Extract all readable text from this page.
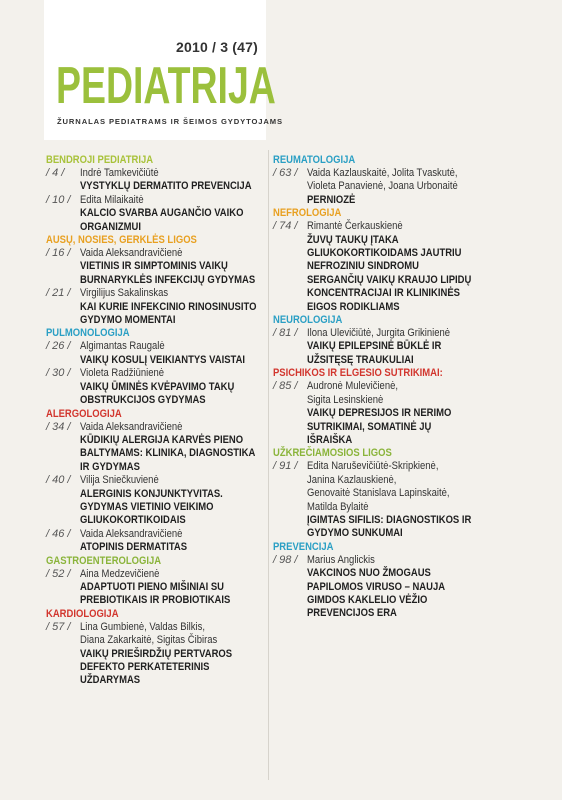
2010 / 3 (47)
PEDIATRIJA
ŽURNALAS PEDIATRAMS IR ŠEIMOS GYDYTOJAMS
BENDROJI PEDIATRIJA
/ 4 /	Indrė Tamkevičiūtė
VYSTYKLŲ DERMATITO PREVENCIJA
/ 10 / Edita Milaikaitė
KALCIO SVARBA AUGANČIO VAIKO
ORGANIZMUI
AUSŲ, NOSIES, GERKLĖS LIGOS
/ 16 / Vaida Aleksandravičienė
VIETINIS IR SIMPTOMINIS VAIKŲ
BURNARYKLĖS INFEKCIJŲ GYDYMAS
/ 21 / Virgilijus Sakalinskas
KAI KURIE INFEKCINIO RINOSINUSITO
GYDYMO MOMENTAI
PULMONOLOGIJA
/ 26 / Algimantas Raugalė
VAIKŲ KOSULĮ VEIKIANTYS VAISTAI
/ 30 / Violeta Radžiūnienė
VAIKŲ ŪMINĖS KVĖPAVIMO TAKŲ
OBSTRUKCIJOS GYDYMAS
ALERGOLOGIJA
/ 34 / Vaida Aleksandravičienė
KŪDIKIŲ ALERGIJA KARVĖS PIENO
BALTYMAMS: KLINIKA, DIAGNOSTIKA
IR GYDYMAS
/ 40 / Vilija Sniečkuvienė
ALERGINIS KONJUNKTYVITAS.
GYDYMAS VIETINIO VEIKIMO
GLIUKOKORTIKOIDAIS
/ 46 / Vaida Aleksandravičienė
ATOPINIS DERMATITAS
GASTROENTEROLOGIJA
/ 52 / Aina Medzevičienė
ADAPTUOTI PIENO MIŠINIAI SU
PREBIOTIKAIS IR PROBIOTIKAIS
KARDIOLOGIJA
/ 57 / Lina Gumbienė, Valdas Bilkis,
Diana Zakarkaitė, Sigitas Čibiras
VAIKŲ PRIEŠIRDŽIŲ PERTVAROS
DEFEKTO PERKATETERINIS
UŽDARYMAS
REUMATOLOGIJA
/ 63 / Vaida Kazlauskaitė, Jolita Tvaskutė,
Violeta Panavienė, Joana Urbonaitė
PERNIOZĖ
NEFROLOGIJA
/ 74 / Rimantė Čerkauskienė
ŽUVŲ TAUKŲ ĮTAKA
GLIUKOKORTIKOIDAMS JAUTRIU
NEFROZINIU SINDROMU
SERGANČIŲ VAIKŲ KRAUJO LIPIDŲ
KONCENTRACIJAI IR KLINIKINĖS
EIGOS RODIKLIAMS
NEUROLOGIJA
/ 81 / Ilona Ulevičiūtė, Jurgita Grikinienė
VAIKŲ EPILEPSINĖ BŪKLĖ IR
UŽSITĘSĘ TRAUKULIAI
PSICHIKOS IR ELGESIO SUTRIKIMAI:
/ 85 / Audronė Mulevičienė,
Sigita Lesinskienė
VAIKŲ DEPRESIJOS IR NERIMO
SUTRIKIMAI, SOMATINĖ JŲ
IŠRAIŠKA
UŽKREČIAMOSIOS LIGOS
/ 91 / Edita Naruševičiūtė-Skripkienė,
Janina Kazlauskienė,
Genovaitė Stanislava Lapinskaitė,
Matilda Bylaitė
ĮGIMTAS SIFILIS: DIAGNOSTIKOS IR
GYDYMO SUNKUMAI
PREVENCIJA
/ 98 / Marius Anglickis
VAKCINOS NUO ŽMOGAUS
PAPILOMOS VIRUSO – NAUJA
GIMDOS KAKLELIO VĖŽIO
PREVENCIJOS ERA
